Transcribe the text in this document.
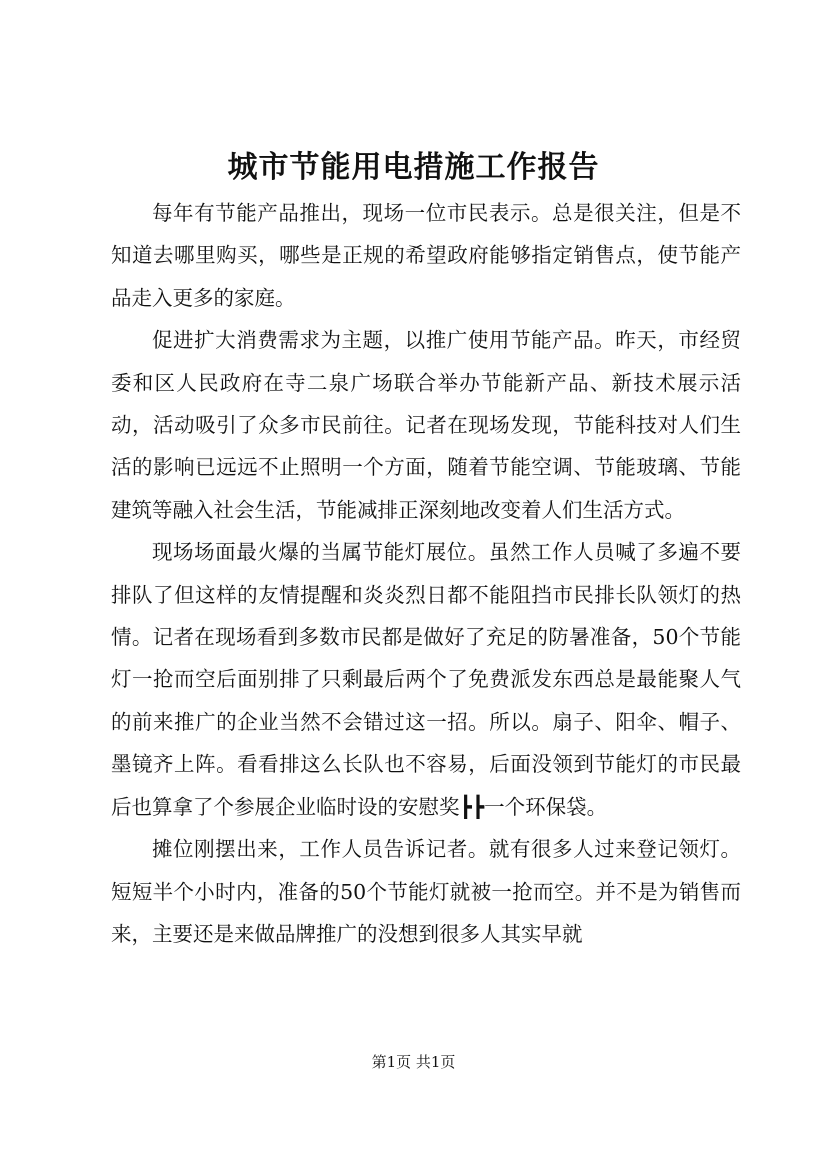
城市节能用电措施工作报告

每年有节能产品推出，现场一位市民表示。总是很关注，但是不知道去哪里购买，哪些是正规的希望政府能够指定销售点，使节能产品走入更多的家庭。

促进扩大消费需求为主题，以推广使用节能产品。昨天，市经贸委和区人民政府在寺二泉广场联合举办节能新产品、新技术展示活动，活动吸引了众多市民前往。记者在现场发现，节能科技对人们生活的影响已远远不止照明一个方面，随着节能空调、节能玻璃、节能建筑等融入社会生活，节能减排正深刻地改变着人们生活方式。

现场场面最火爆的当属节能灯展位。虽然工作人员喊了多遍不要排队了但这样的友情提醒和炎炎烈日都不能阻挡市民排长队领灯的热情。记者在现场看到多数市民都是做好了充足的防暑准备，50个节能灯一抢而空后面别排了只剩最后两个了免费派发东西总是最能聚人气的前来推广的企业当然不会错过这一招。所以。扇子、阳伞、帽子、墨镜齐上阵。看看排这么长队也不容易，后面没领到节能灯的市民最后也算拿了个参展企业临时设的安慰奖┣┣一个环保袋。

摊位刚摆出来，工作人员告诉记者。就有很多人过来登记领灯。短短半个小时内，准备的50个节能灯就被一抢而空。并不是为销售而来，主要还是来做品牌推广的没想到很多人其实早就

第1页 共1页
